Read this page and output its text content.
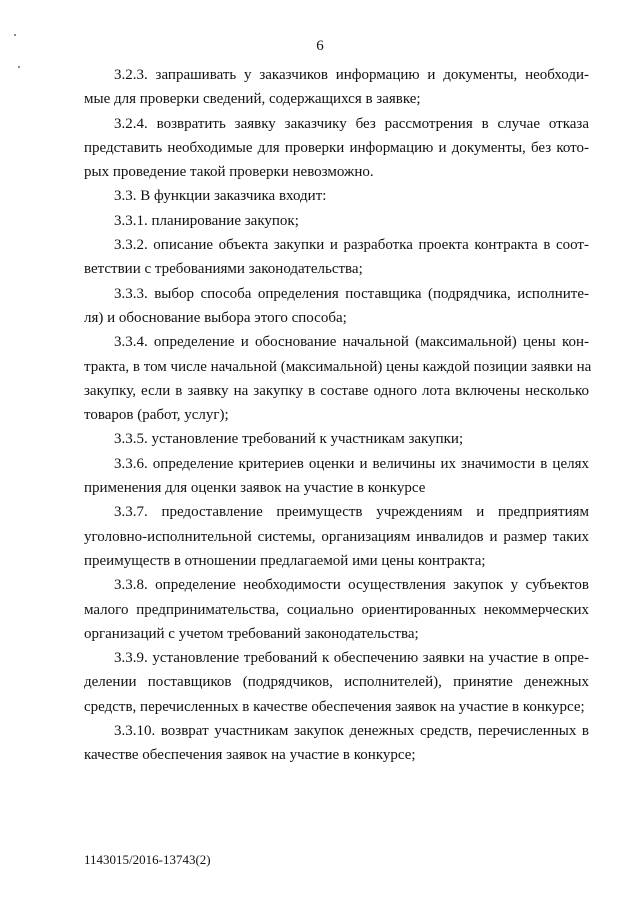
6
3.2.3. запрашивать у заказчиков информацию и документы, необходи-
мые для проверки сведений, содержащихся в заявке;
3.2.4. возвратить заявку заказчику без рассмотрения в случае отказа
представить необходимые для проверки информацию и документы, без кото-
рых проведение такой проверки невозможно.
3.3. В функции заказчика входит:
3.3.1. планирование закупок;
3.3.2. описание объекта закупки и разработка проекта контракта в соот-
ветствии с требованиями законодательства;
3.3.3. выбор способа определения поставщика (подрядчика, исполните-
ля) и обоснование выбора этого способа;
3.3.4. определение и обоснование начальной (максимальной) цены кон-
тракта, в том числе начальной (максимальной) цены каждой позиции заявки на
закупку, если в заявку на закупку в составе одного лота включены несколько
товаров (работ, услуг);
3.3.5. установление требований к участникам закупки;
3.3.6. определение критериев оценки и величины их значимости в целях
применения для оценки заявок на участие в конкурсе
3.3.7. предоставление преимуществ учреждениям и предприятиям
уголовно-исполнительной системы, организациям инвалидов и размер таких
преимуществ в отношении предлагаемой ими цены контракта;
3.3.8. определение необходимости осуществления закупок у субъектов
малого предпринимательства, социально ориентированных некоммерческих
организаций с учетом требований законодательства;
3.3.9. установление требований к обеспечению заявки на участие в опре-
делении поставщиков (подрядчиков, исполнителей), принятие денежных
средств, перечисленных в качестве обеспечения заявок на участие в конкурсе;
3.3.10. возврат участникам закупок денежных средств, перечисленных в
качестве обеспечения заявок на участие в конкурсе;
1143015/2016-13743(2)
